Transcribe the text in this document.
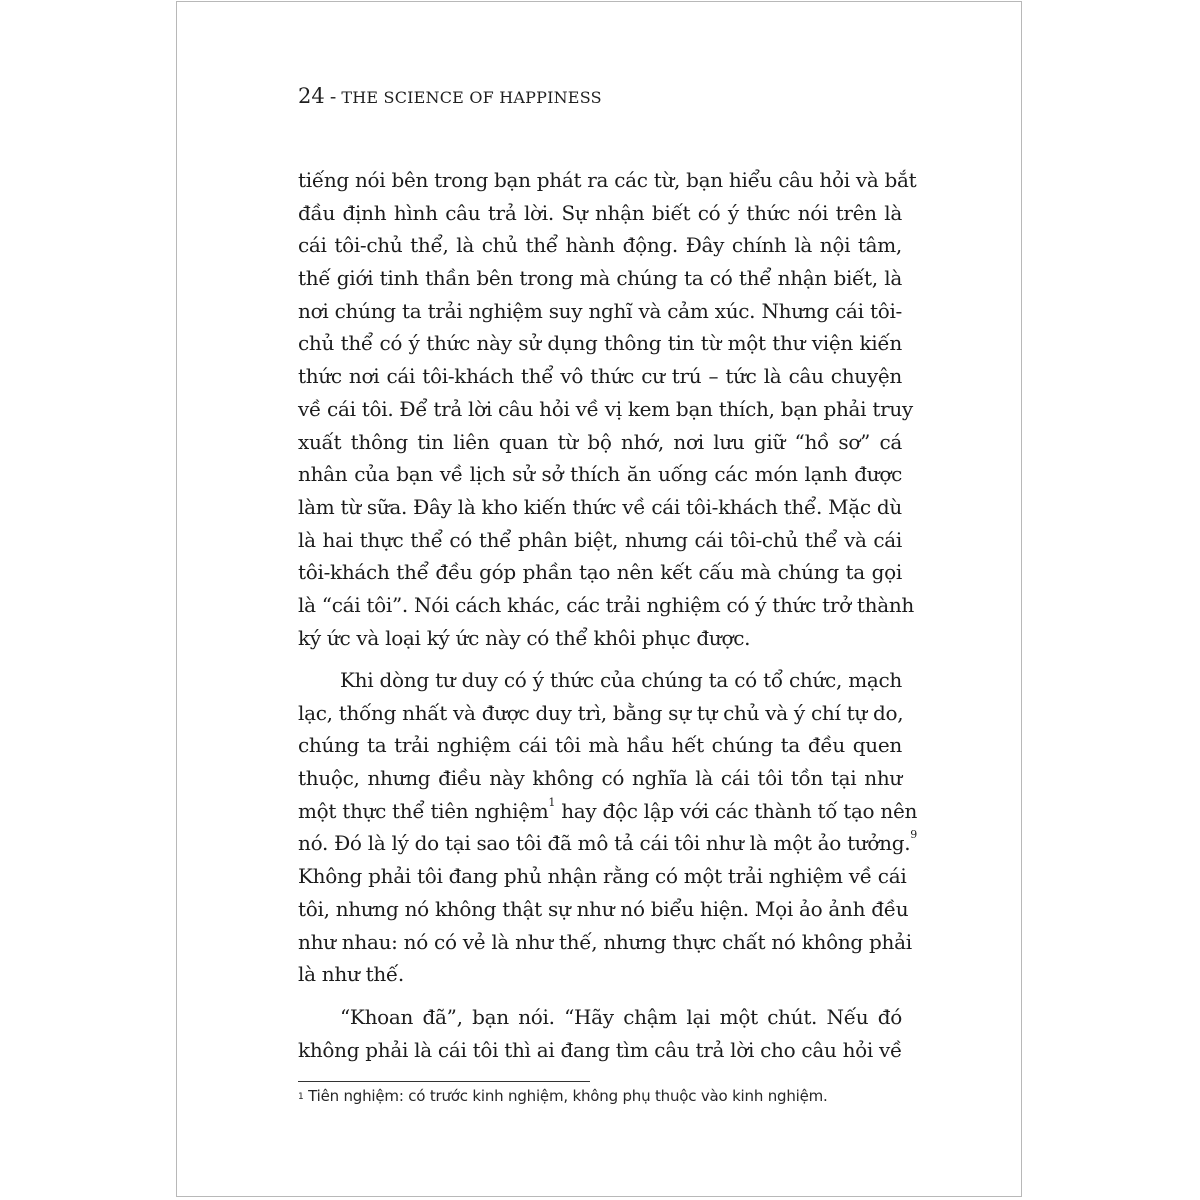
24 - THE SCIENCE OF HAPPINESS

tiếng nói bên trong bạn phát ra các từ, bạn hiểu câu hỏi và bắt
đầu định hình câu trả lời. Sự nhận biết có ý thức nói trên là
cái tôi-chủ thể, là chủ thể hành động. Đây chính là nội tâm,
thế giới tinh thần bên trong mà chúng ta có thể nhận biết, là
nơi chúng ta trải nghiệm suy nghĩ và cảm xúc. Nhưng cái tôi-
chủ thể có ý thức này sử dụng thông tin từ một thư viện kiến
thức nơi cái tôi-khách thể vô thức cư trú – tức là câu chuyện
về cái tôi. Để trả lời câu hỏi về vị kem bạn thích, bạn phải truy
xuất thông tin liên quan từ bộ nhớ, nơi lưu giữ “hồ sơ” cá
nhân của bạn về lịch sử sở thích ăn uống các món lạnh được
làm từ sữa. Đây là kho kiến thức về cái tôi-khách thể. Mặc dù
là hai thực thể có thể phân biệt, nhưng cái tôi-chủ thể và cái
tôi-khách thể đều góp phần tạo nên kết cấu mà chúng ta gọi
là “cái tôi”. Nói cách khác, các trải nghiệm có ý thức trở thành
ký ức và loại ký ức này có thể khôi phục được.
Khi dòng tư duy có ý thức của chúng ta có tổ chức, mạch
lạc, thống nhất và được duy trì, bằng sự tự chủ và ý chí tự do,
chúng ta trải nghiệm cái tôi mà hầu hết chúng ta đều quen
thuộc, nhưng điều này không có nghĩa là cái tôi tồn tại như
một thực thể tiên nghiệm$^1$ hay độc lập với các thành tố tạo nên
nó. Đó là lý do tại sao tôi đã mô tả cái tôi như là một ảo tưởng.$^9$
Không phải tôi đang phủ nhận rằng có một trải nghiệm về cái
tôi, nhưng nó không thật sự như nó biểu hiện. Mọi ảo ảnh đều
như nhau: nó có vẻ là như thế, nhưng thực chất nó không phải
là như thế.
“Khoan đã”, bạn nói. “Hãy chậm lại một chút. Nếu đó
không phải là cái tôi thì ai đang tìm câu trả lời cho câu hỏi về

$^1$ Tiên nghiệm: có trước kinh nghiệm, không phụ thuộc vào kinh nghiệm.
